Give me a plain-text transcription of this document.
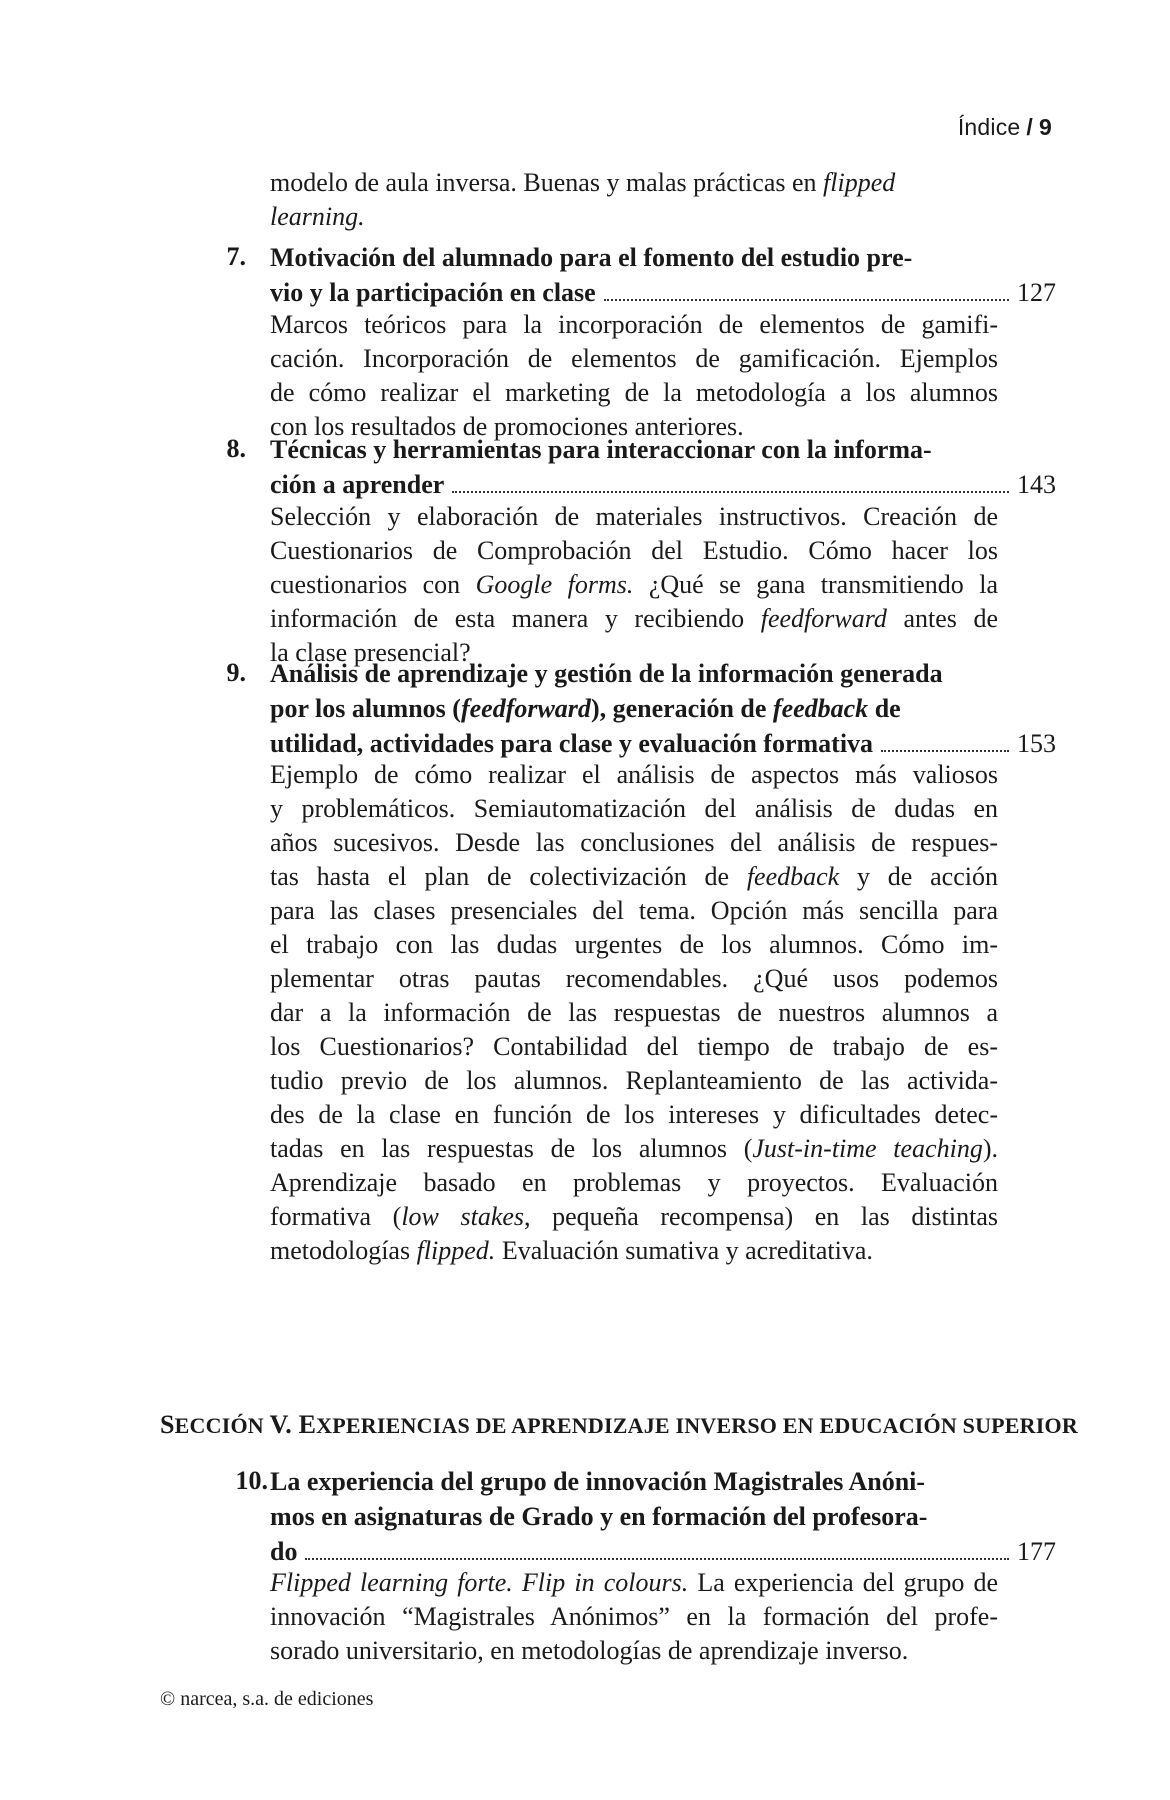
Índice / 9

modelo de aula inversa. Buenas y malas prácticas en flipped
learning.

7. Motivación del alumnado para el fomento del estudio pre-
vio y la participación en clase	127
Marcos teóricos para la incorporación de elementos de gamifi-
cación. Incorporación de elementos de gamificación. Ejemplos
de cómo realizar el marketing de la metodología a los alumnos
con los resultados de promociones anteriores.
8. Técnicas y herramientas para interaccionar con la informa-
ción a aprender	143
Selección y elaboración de materiales instructivos. Creación de
Cuestionarios de Comprobación del Estudio. Cómo hacer los
cuestionarios con Google forms. ¿Qué se gana transmitiendo la
información de esta manera y recibiendo feedforward antes de
la clase presencial?
9. Análisis de aprendizaje y gestión de la información generada
por los alumnos (feedforward), generación de feedback de
utilidad, actividades para clase y evaluación formativa	153
Ejemplo de cómo realizar el análisis de aspectos más valiosos
y problemáticos. Semiautomatización del análisis de dudas en
años sucesivos. Desde las conclusiones del análisis de respues-
tas hasta el plan de colectivización de feedback y de acción
para las clases presenciales del tema. Opción más sencilla para
el trabajo con las dudas urgentes de los alumnos. Cómo im-
plementar otras pautas recomendables. ¿Qué usos podemos
dar a la información de las respuestas de nuestros alumnos a
los Cuestionarios? Contabilidad del tiempo de trabajo de es-
tudio previo de los alumnos. Replanteamiento de las activida-
des de la clase en función de los intereses y dificultades detec-
tadas en las respuestas de los alumnos (Just-in-time teaching).
Aprendizaje basado en problemas y proyectos. Evaluación
formativa (low stakes, pequeña recompensa) en las distintas
metodologías flipped. Evaluación sumativa y acreditativa.
SECCIÓN V. EXPERIENCIAS DE APRENDIZAJE INVERSO EN EDUCACIÓN SUPERIOR
10. La experiencia del grupo de innovación Magistrales Anóni-
mos en asignaturas de Grado y en formación del profesora-
do	177
Flipped learning forte. Flip in colours. La experiencia del grupo de
innovación “Magistrales Anónimos” en la formación del profe-
sorado universitario, en metodologías de aprendizaje inverso.
© narcea, s.a. de ediciones
